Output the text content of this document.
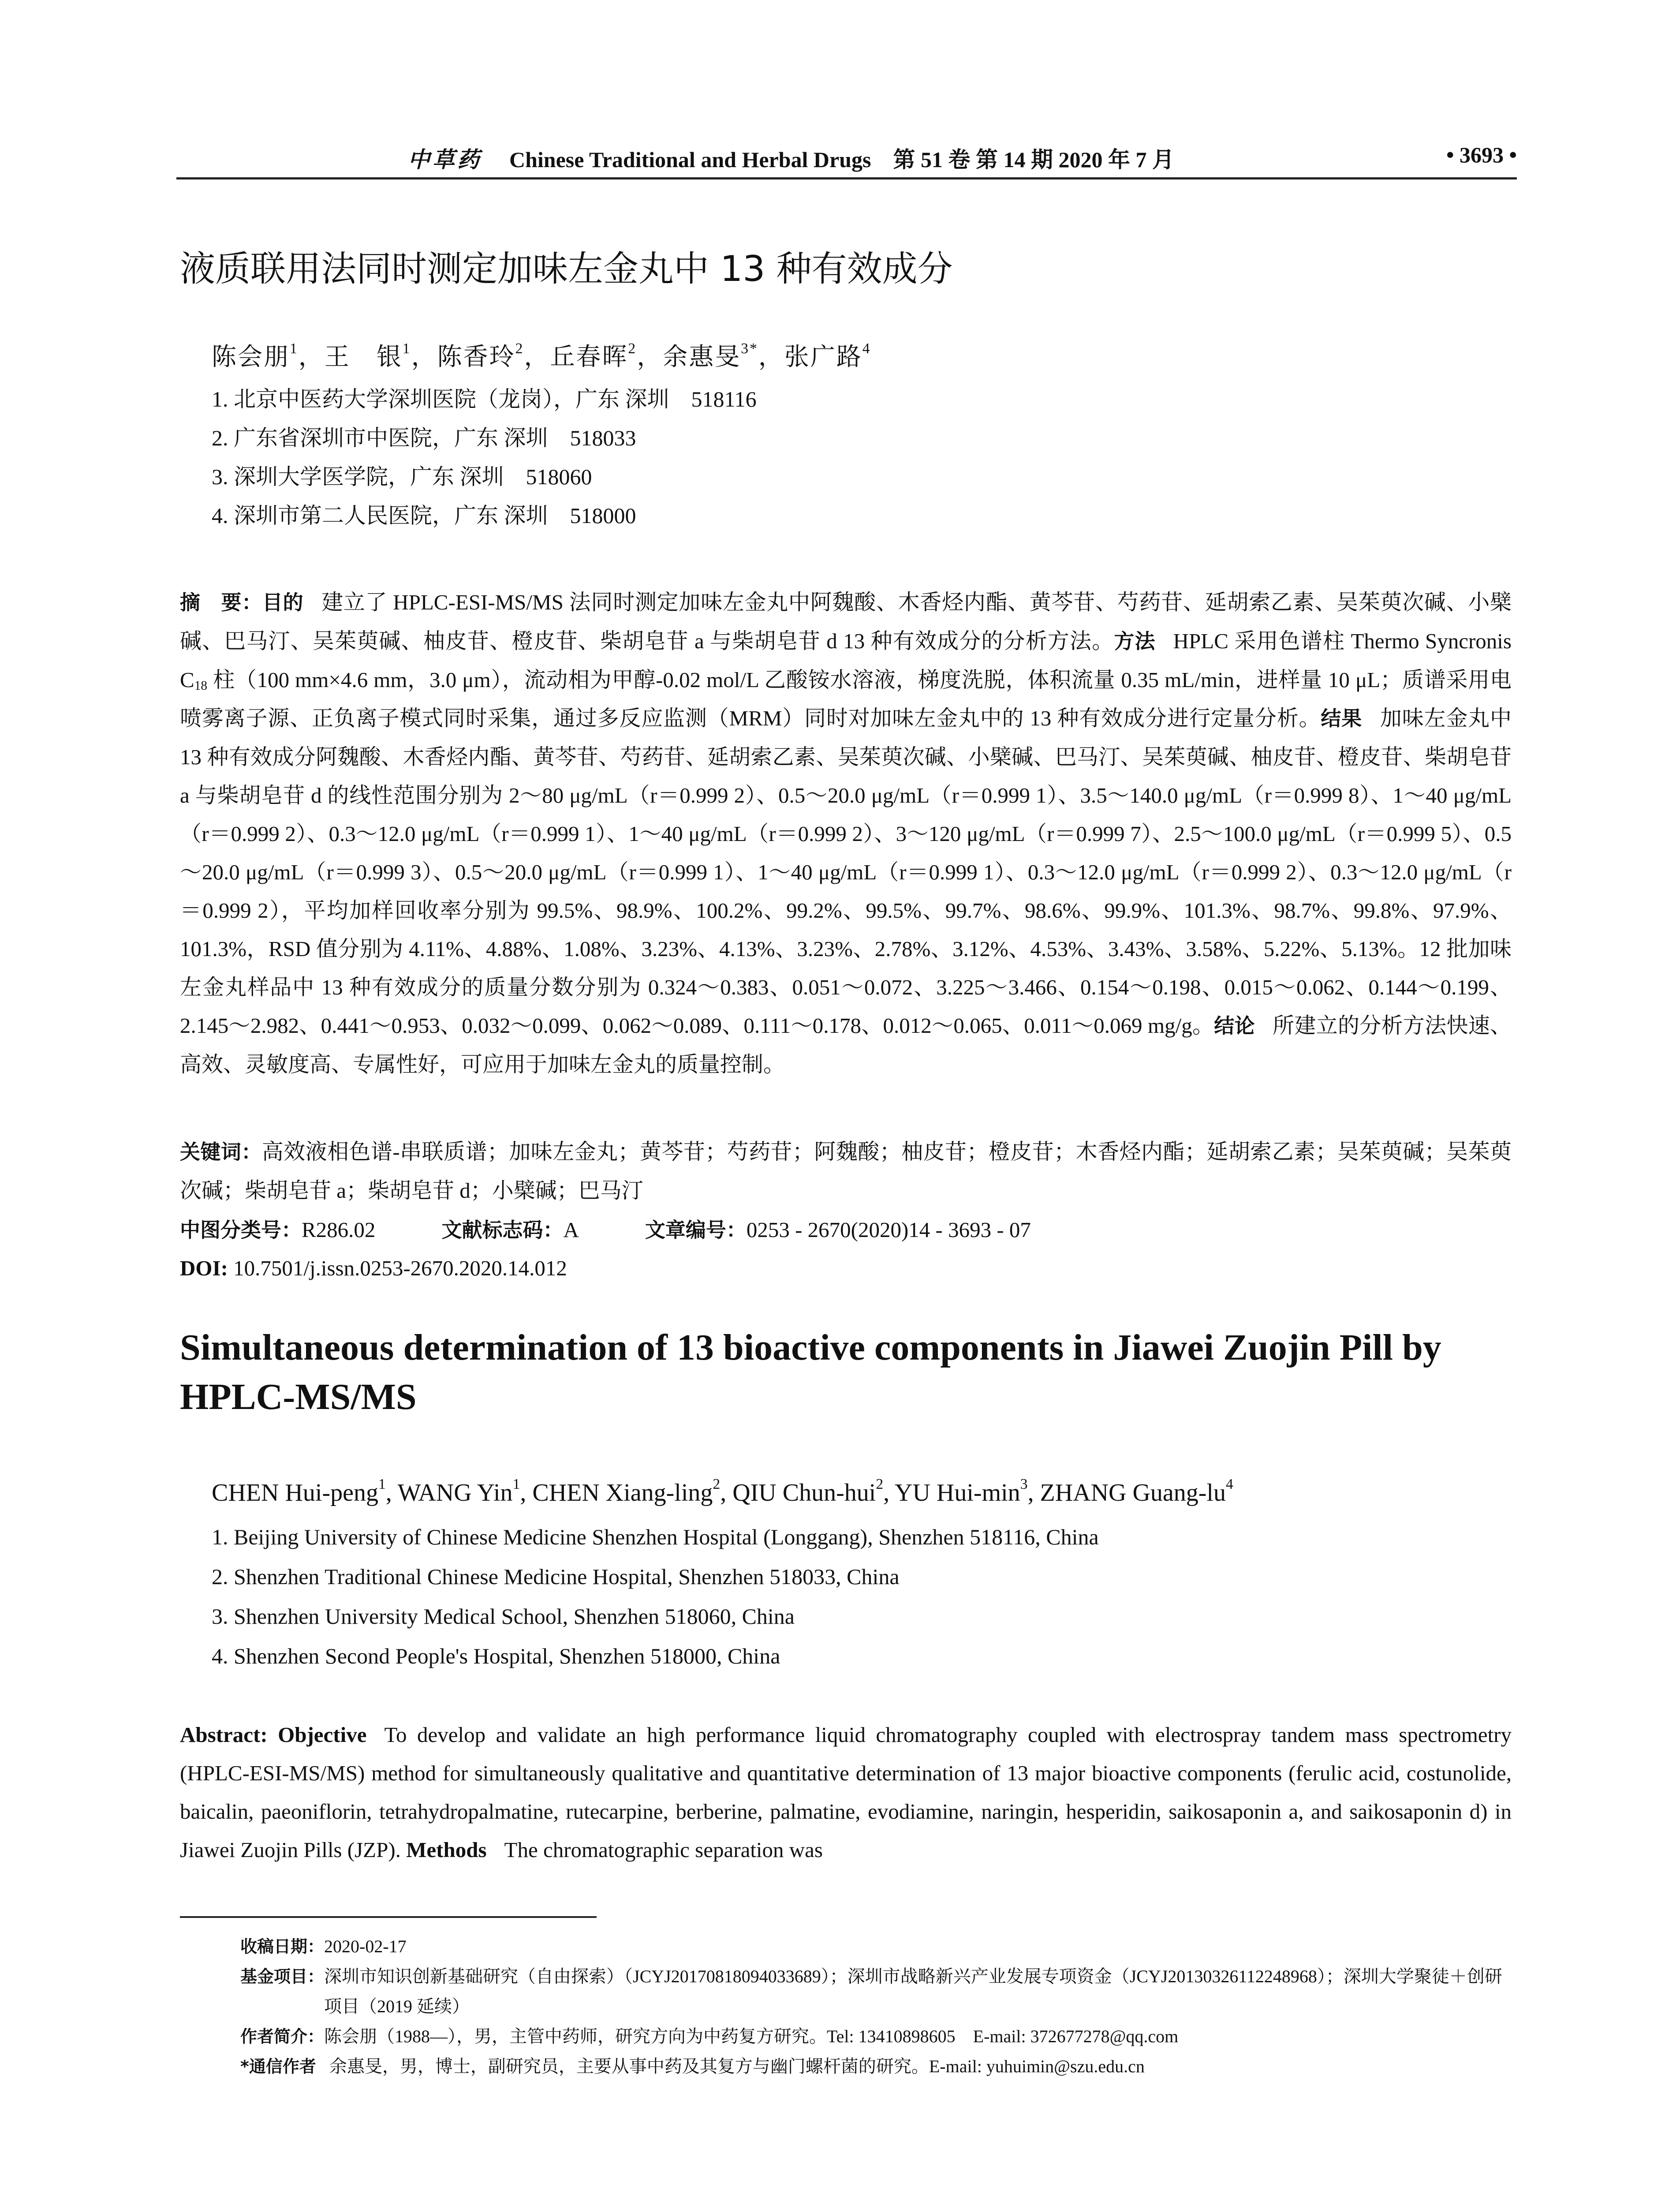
中草药 Chinese Traditional and Herbal Drugs　 第 51 卷 第 14 期 2020 年 7 月	• 3693 •
液质联用法同时测定加味左金丸中 13 种有效成分
陈会朋$^1$，王　银$^1$，陈香玲$^2$，丘春晖$^2$，余惠旻$^{3*}$，张广路$^4$
1. 北京中医药大学深圳医院（龙岗），广东 深圳　518116
2. 广东省深圳市中医院，广东 深圳　518033
3. 深圳大学医学院，广东 深圳　518060
4. 深圳市第二人民医院，广东 深圳　518000
摘　要：目的 建立了 HPLC-ESI-MS/MS 法同时测定加味左金丸中阿魏酸、木香烃内酯、黄芩苷、芍药苷、延胡索乙素、吴茱萸次碱、小檗碱、巴马汀、吴茱萸碱、柚皮苷、橙皮苷、柴胡皂苷 a 与柴胡皂苷 d 13 种有效成分的分析方法。方法 HPLC 采用色谱柱 Thermo Syncronis $C_{18}$ 柱（100 mm×4.6 mm，3.0 μm），流动相为甲醇-0.02 mol/L 乙酸铵水溶液，梯度洗脱，体积流量 0.35 mL/min，进样量 10 μL；质谱采用电喷雾离子源、正负离子模式同时采集，通过多反应监测（MRM）同时对加味左金丸中的 13 种有效成分进行定量分析。结果 加味左金丸中 13 种有效成分阿魏酸、木香烃内酯、黄芩苷、芍药苷、延胡索乙素、吴茱萸次碱、小檗碱、巴马汀、吴茱萸碱、柚皮苷、橙皮苷、柴胡皂苷 a 与柴胡皂苷 d 的线性范围分别为 2～80 μg/mL（r＝0.999 2）、0.5～20.0 μg/mL（r＝0.999 1）、3.5～140.0 μg/mL（r＝0.999 8）、1～40 μg/mL（r＝0.999 2）、0.3～12.0 μg/mL（r＝0.999 1）、1～40 μg/mL（r＝0.999 2）、3～120 μg/mL（r＝0.999 7）、2.5～100.0 μg/mL（r＝0.999 5）、0.5～20.0 μg/mL（r＝0.999 3）、0.5～20.0 μg/mL（r＝0.999 1）、1～40 μg/mL（r＝0.999 1）、0.3～12.0 μg/mL（r＝0.999 2）、0.3～12.0 μg/mL（r＝0.999 2），平均加样回收率分别为 99.5%、98.9%、100.2%、99.2%、99.5%、99.7%、98.6%、99.9%、101.3%、98.7%、99.8%、97.9%、101.3%，RSD 值分别为 4.11%、4.88%、1.08%、3.23%、4.13%、3.23%、2.78%、3.12%、4.53%、3.43%、3.58%、5.22%、5.13%。12 批加味左金丸样品中 13 种有效成分的质量分数分别为 0.324～0.383、0.051～0.072、3.225～3.466、0.154～0.198、0.015～0.062、0.144～0.199、2.145～2.982、0.441～0.953、0.032～0.099、0.062～0.089、0.111～0.178、0.012～0.065、0.011～0.069 mg/g。结论 所建立的分析方法快速、高效、灵敏度高、专属性好，可应用于加味左金丸的质量控制。
关键词：高效液相色谱-串联质谱；加味左金丸；黄芩苷；芍药苷；阿魏酸；柚皮苷；橙皮苷；木香烃内酯；延胡索乙素；吴茱萸碱；吴茱萸次碱；柴胡皂苷 a；柴胡皂苷 d；小檗碱；巴马汀
中图分类号：R286.02	文献标志码：A	文章编号：0253 - 2670(2020)14 - 3693 - 07
DOI: 10.7501/j.issn.0253-2670.2020.14.012
Simultaneous determination of 13 bioactive components in Jiawei Zuojin Pill by HPLC-MS/MS
CHEN Hui-peng$^1$, WANG Yin$^1$, CHEN Xiang-ling$^2$, QIU Chun-hui$^2$, YU Hui-$\min^3$, ZHANG Guang-$lu^4$
1. Beijing University of Chinese Medicine Shenzhen Hospital (Longgang), Shenzhen 518116, China
2. Shenzhen Traditional Chinese Medicine Hospital, Shenzhen 518033, China
3. Shenzhen University Medical School, Shenzhen 518060, China
4. Shenzhen Second People's Hospital, Shenzhen 518000, China
Abstract: Objective To develop and validate an high performance liquid chromatography coupled with electrospray tandem mass spectrometry (HPLC-ESI-MS/MS) method for simultaneously qualitative and quantitative determination of 13 major bioactive components (ferulic acid, costunolide, baicalin, paeoniflorin, tetrahydropalmatine, rutecarpine, berberine, palmatine, evodiamine, naringin, hesperidin, saikosaponin a, and saikosaponin d) in Jiawei Zuojin Pills (JZP). Methods The chromatographic separation was
收稿日期： 2020-02-17
基金项目： 深圳市知识创新基础研究（自由探索）（JCYJ20170818094033689）；深圳市战略新兴产业发展专项资金（JCYJ20130326112248968）；深圳大学聚徒＋创研项目（2019 延续）
作者简介： 陈会朋（1988—），男，主管中药师，研究方向为中药复方研究。Tel: 13410898605　E-mail: 372677278@qq.com
*通信作者 余惠旻，男，博士，副研究员，主要从事中药及其复方与幽门螺杆菌的研究。E-mail: yuhuimin@szu.edu.cn
